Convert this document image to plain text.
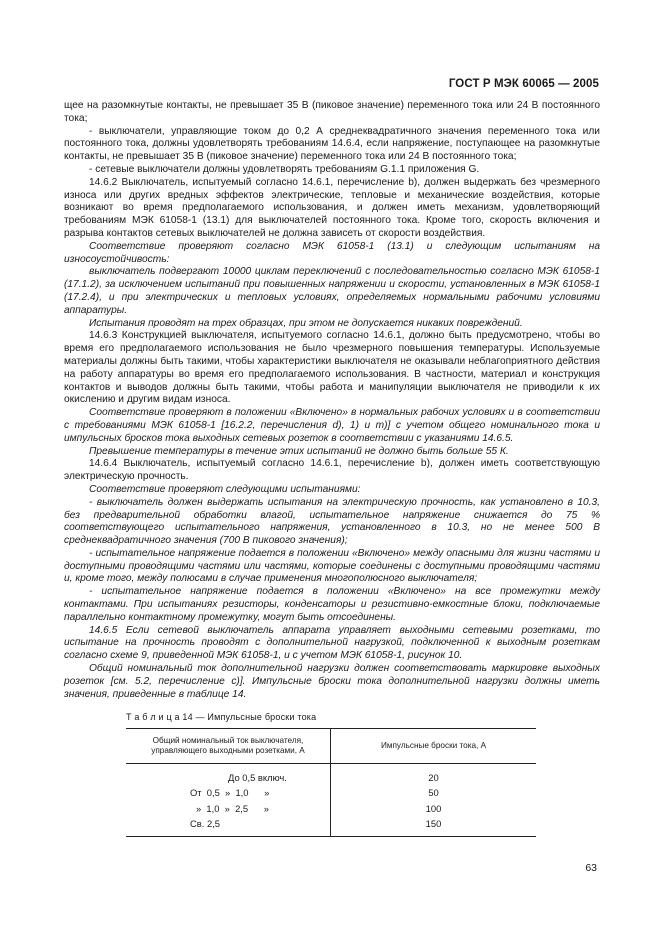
ГОСТ Р МЭК 60065 — 2005

щее на разомкнутые контакты, не превышает 35 В (пиковое значение) переменного тока или 24 В постоянного тока;

- выключатели, управляющие током до 0,2 А среднеквадратичного значения переменного тока или постоянного тока, должны удовлетворять требованиям 14.6.4, если напряжение, поступающее на разомкнутые контакты, не превышает 35 В (пиковое значение) переменного тока или 24 В постоянного тока;

- сетевые выключатели должны удовлетворять требованиям G.1.1 приложения G.

14.6.2 Выключатель, испытуемый согласно 14.6.1, перечисление b), должен выдержать без чрезмерного износа или других вредных эффектов электрические, тепловые и механические воздействия, которые возникают во время предполагаемого использования, и должен иметь механизм, удовлетворяющий требованиям МЭК 61058-1 (13.1) для выключателей постоянного тока. Кроме того, скорость включения и разрыва контактов сетевых выключателей не должна зависеть от скорости воздействия.

Соответствие проверяют согласно МЭК 61058-1 (13.1) и следующим испытаниям на износоустойчивость:

выключатель подвергают 10000 циклам переключений с последовательностью согласно МЭК 61058-1 (17.1.2), за исключением испытаний при повышенных напряжении и скорости, установленных в МЭК 61058-1 (17.2.4), и при электрических и тепловых условиях, определяемых нормальными рабочими условиями аппаратуры.

Испытания проводят на трех образцах, при этом не допускается никаких повреждений.

14.6.3 Конструкцией выключателя, испытуемого согласно 14.6.1, должно быть предусмотрено, чтобы во время его предполагаемого использования не было чрезмерного повышения температуры. Используемые материалы должны быть такими, чтобы характеристики выключателя не оказывали неблагоприятного действия на работу аппаратуры во время его предполагаемого использования. В частности, материал и конструкция контактов и выводов должны быть такими, чтобы работа и манипуляции выключателя не приводили к их окислению и другим видам износа.

Соответствие проверяют в положении «Включено» в нормальных рабочих условиях и в соответствии с требованиями МЭК 61058-1 [16.2.2, перечисления d), 1) и m)] с учетом общего номинального тока и импульсных бросков тока выходных сетевых розеток в соответствии с указаниями 14.6.5.

Превышение температуры в течение этих испытаний не должно быть больше 55 К.

14.6.4 Выключатель, испытуемый согласно 14.6.1, перечисление b), должен иметь соответствующую электрическую прочность.

Соответствие проверяют следующими испытаниями:

- выключатель должен выдержать испытания на электрическую прочность, как установлено в 10.3, без предварительной обработки влагой, испытательное напряжение снижается до 75 % соответствующего испытательного напряжения, установленного в 10.3, но не менее 500 В среднеквадратичного значения (700 В пикового значения);

- испытательное напряжение подается в положении «Включено» между опасными для жизни частями и доступными проводящими частями или частями, которые соединены с доступными проводящими частями и, кроме того, между полюсами в случае применения многополюсного выключателя;

- испытательное напряжение подается в положении «Включено» на все промежутки между контактами. При испытаниях резисторы, конденсаторы и резистивно-емкостные блоки, подключаемые параллельно контактному промежутку, могут быть отсоединены.

14.6.5 Если сетевой выключатель аппарата управляет выходными сетевыми розетками, то испытание на прочность проводят с дополнительной нагрузкой, подключенной к выходным розеткам согласно схеме 9, приведенной МЭК 61058-1, и с учетом МЭК 61058-1, рисунок 10.

Общий номинальный ток дополнительной нагрузки должен соответствовать маркировке выходных розеток [см. 5.2, перечисление с)]. Импульсные броски тока дополнительной нагрузки должны иметь значения, приведенные в таблице 14.

Т а б л и ц а 14 — Импульсные броски тока
Общий номинальный ток выключателя, управляющего выходными розетками, А	Импульсные броски тока, А
До 0,5 включ.	20
От  0,5  »  1,0      »	50
»  1,0  »  2,5      »	100
Св. 2,5	150
63
